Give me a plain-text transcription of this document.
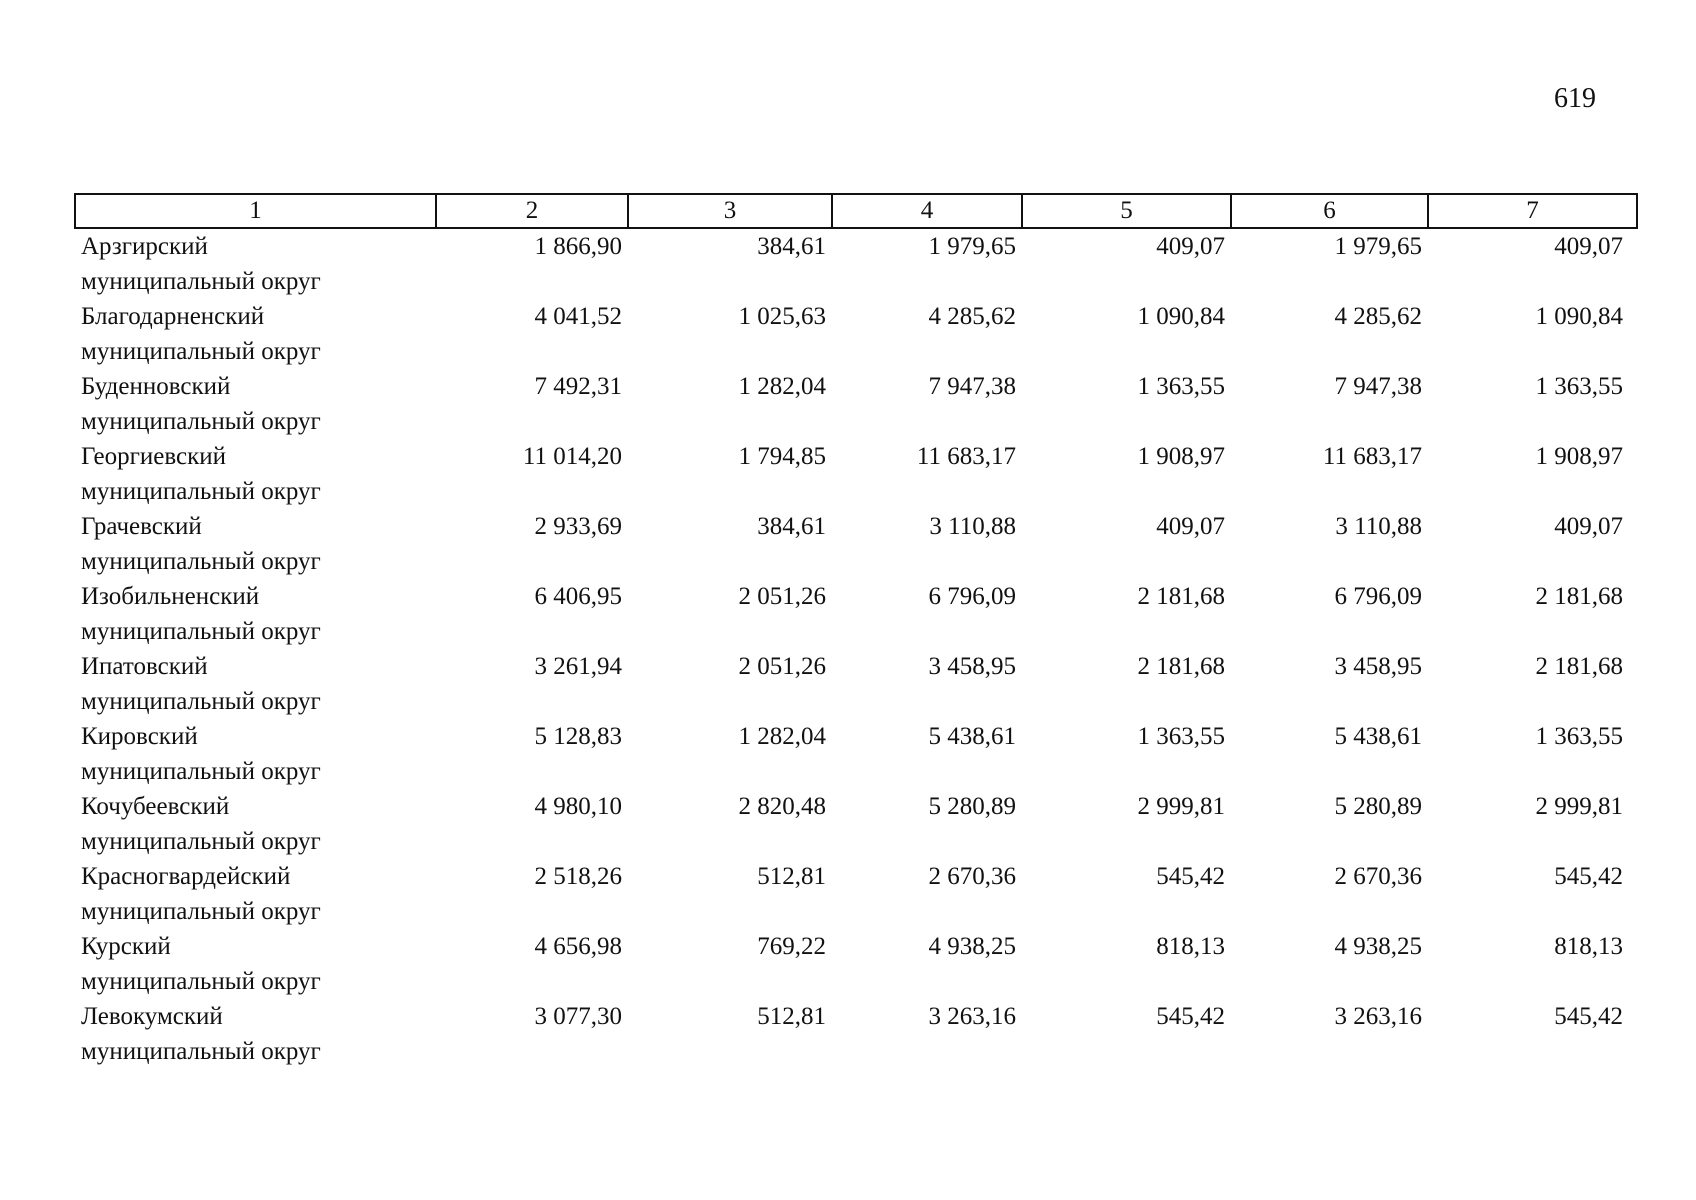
619
1	2	3	4	5	6	7

Арзгирский
муниципальный округ	1 866,90	384,61	1 979,65	409,07	1 979,65	409,07

Благодарненский
муниципальный округ	4 041,52	1 025,63	4 285,62	1 090,84	4 285,62	1 090,84

Буденновский
муниципальный округ	7 492,31	1 282,04	7 947,38	1 363,55	7 947,38	1 363,55

Георгиевский
муниципальный округ	11 014,20	1 794,85	11 683,17	1 908,97	11 683,17	1 908,97

Грачевский
муниципальный округ	2 933,69	384,61	3 110,88	409,07	3 110,88	409,07

Изобильненский
муниципальный округ	6 406,95	2 051,26	6 796,09	2 181,68	6 796,09	2 181,68

Ипатовский
муниципальный округ	3 261,94	2 051,26	3 458,95	2 181,68	3 458,95	2 181,68

Кировский
муниципальный округ	5 128,83	1 282,04	5 438,61	1 363,55	5 438,61	1 363,55

Кочубеевский
муниципальный округ	4 980,10	2 820,48	5 280,89	2 999,81	5 280,89	2 999,81

Красногвардейский
муниципальный округ	2 518,26	512,81	2 670,36	545,42	2 670,36	545,42

Курский
муниципальный округ	4 656,98	769,22	4 938,25	818,13	4 938,25	818,13

Левокумский
муниципальный округ	3 077,30	512,81	3 263,16	545,42	3 263,16	545,42
